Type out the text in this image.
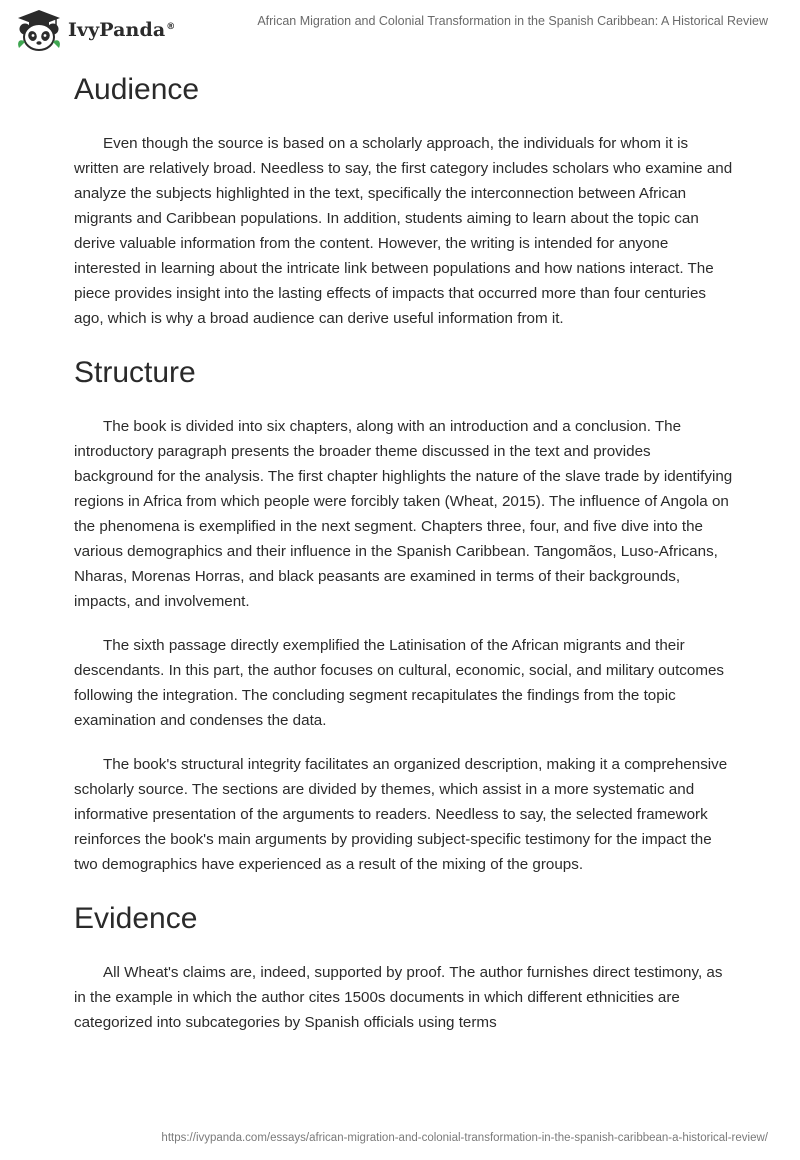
IvyPanda®	African Migration and Colonial Transformation in the Spanish Caribbean: A Historical Review
Audience

Even though the source is based on a scholarly approach, the individuals for whom it is written are relatively broad. Needless to say, the first category includes scholars who examine and analyze the subjects highlighted in the text, specifically the interconnection between African migrants and Caribbean populations. In addition, students aiming to learn about the topic can derive valuable information from the content. However, the writing is intended for anyone interested in learning about the intricate link between populations and how nations interact. The piece provides insight into the lasting effects of impacts that occurred more than four centuries ago, which is why a broad audience can derive useful information from it.

Structure

The book is divided into six chapters, along with an introduction and a conclusion. The introductory paragraph presents the broader theme discussed in the text and provides background for the analysis. The first chapter highlights the nature of the slave trade by identifying regions in Africa from which people were forcibly taken (Wheat, 2015). The influence of Angola on the phenomena is exemplified in the next segment. Chapters three, four, and five dive into the various demographics and their influence in the Spanish Caribbean. Tangomãos, Luso-Africans, Nharas, Morenas Horras, and black peasants are examined in terms of their backgrounds, impacts, and involvement.

The sixth passage directly exemplified the Latinisation of the African migrants and their descendants. In this part, the author focuses on cultural, economic, social, and military outcomes following the integration. The concluding segment recapitulates the findings from the topic examination and condenses the data.

The book's structural integrity facilitates an organized description, making it a comprehensive scholarly source. The sections are divided by themes, which assist in a more systematic and informative presentation of the arguments to readers. Needless to say, the selected framework reinforces the book's main arguments by providing subject-specific testimony for the impact the two demographics have experienced as a result of the mixing of the groups.

Evidence

All Wheat's claims are, indeed, supported by proof. The author furnishes direct testimony, as in the example in which the author cites 1500s documents in which different ethnicities are categorized into subcategories by Spanish officials using terms

https://ivypanda.com/essays/african-migration-and-colonial-transformation-in-the-spanish-caribbean-a-historical-review/
